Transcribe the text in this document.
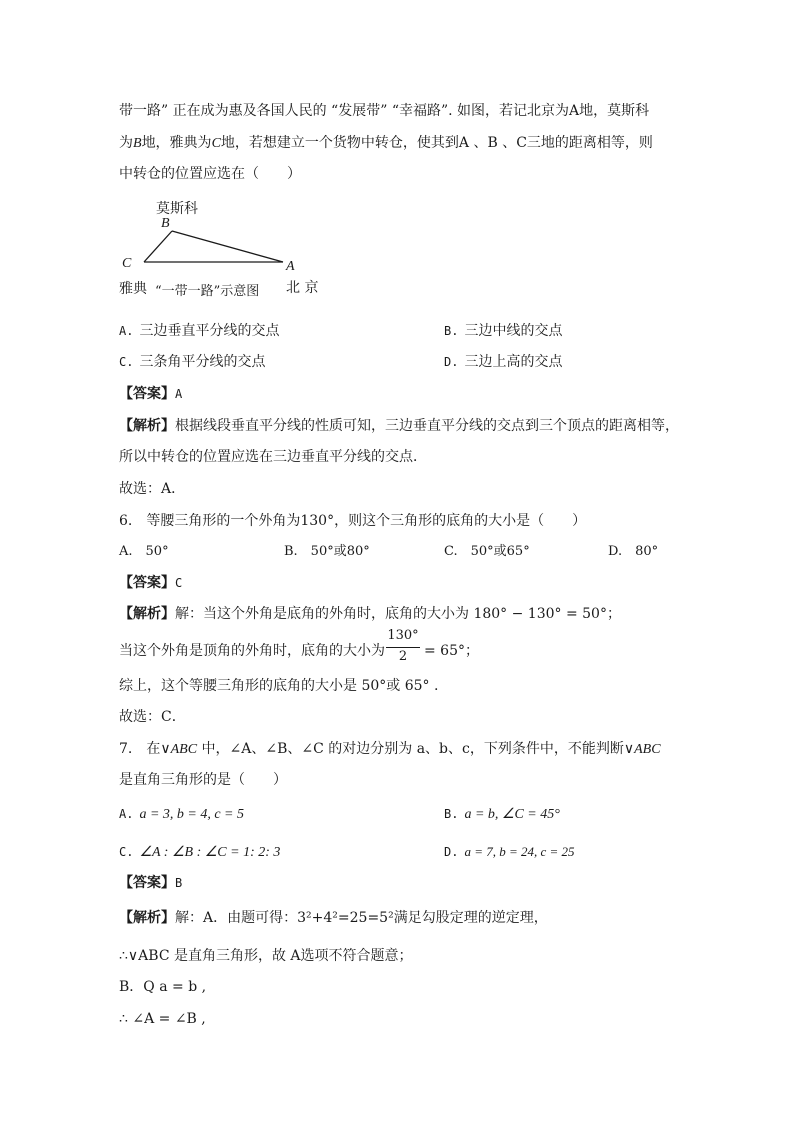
带一路” 正在成为惠及各国人民的 “发展带” “幸福路”. 如图，若记北京为A地，莫斯科
为B地，雅典为C地，若想建立一个货物中转仓，使其到A 、B 、C三地的距离相等，则
中转仓的位置应选在（　　）
莫斯科
B
C	A
雅典 “一带一路”示意图 北 京
A. 三边垂直平分线的交点	B. 三边中线的交点
C. 三条角平分线的交点	D. 三边上高的交点
【答案】A
【解析】根据线段垂直平分线的性质可知，三边垂直平分线的交点到三个顶点的距离相等，
所以中转仓的位置应选在三边垂直平分线的交点．
故选：A．
6.　等腰三角形的一个外角为130°，则这个三角形的底角的大小是（　　）
A.　50°	B.　50°或80°	C.　50°或65°	D.　80°
【答案】C
【解析】解：当这个外角是底角的外角时，底角的大小为 180° − 130° = 50°；
当这个外角是顶角的外角时，底角的大小为
130°
2	= 65°；
综上，这个等腰三角形的底角的大小是 50°或 65° .
故选：C．
7.　在∨ABC 中，∠A、∠B、∠C 的对边分别为 a、b、c，下列条件中，不能判断∨ABC
是直角三角形的是（　　）
A. a = 3, b = 4, c = 5	B. a = b, ∠C = 45°
C. ∠A : ∠B : ∠C = 1: 2: 3	D. a = 7, b = 24, c = 25
【答案】B
【解析】解：A．由题可得：3²+4²=25=5²满足勾股定理的逆定理，
∴∨ABC 是直角三角形，故 A选项不符合题意；
B．Q a = b ,
∴ ∠A = ∠B ,
